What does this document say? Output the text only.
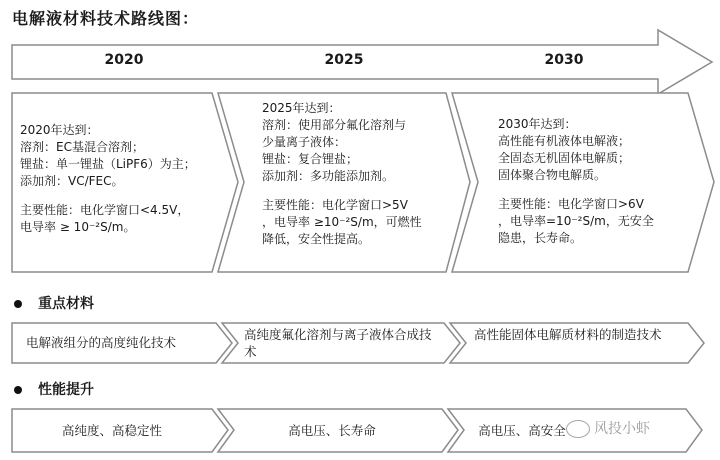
电解液材料技术路线图：
2020	2025	2030

2020年达到：

溶剂：EC基混合溶剂；

锂盐：单一锂盐（LiPF6）为主；

添加剂：VC/FEC。

主要性能：电化学窗口<4.5V，

电导率 ≥ 10⁻²S/m。

2025年达到：

溶剂：使用部分氟化溶剂与

少量离子液体：

锂盐：复合锂盐；

添加剂：多功能添加剂。

主要性能：电化学窗口>5V

，电导率 ≥10⁻²S/m，可燃性

降低，安全性提高。

2030年达到：

高性能有机液体电解液；

全固态无机固体电解质；

固体聚合物电解质。

主要性能：电化学窗口>6V

，电导率=10⁻²S/m，无安全

隐患，长寿命。

重点材料
性能提升
电解液组分的高度纯化技术
高纯度氟化溶剂与离子液体合成技术
高性能固体电解质材料的制造技术
高纯度、高稳定性	高电压、长寿命	高电压、高安全	风投小虾
